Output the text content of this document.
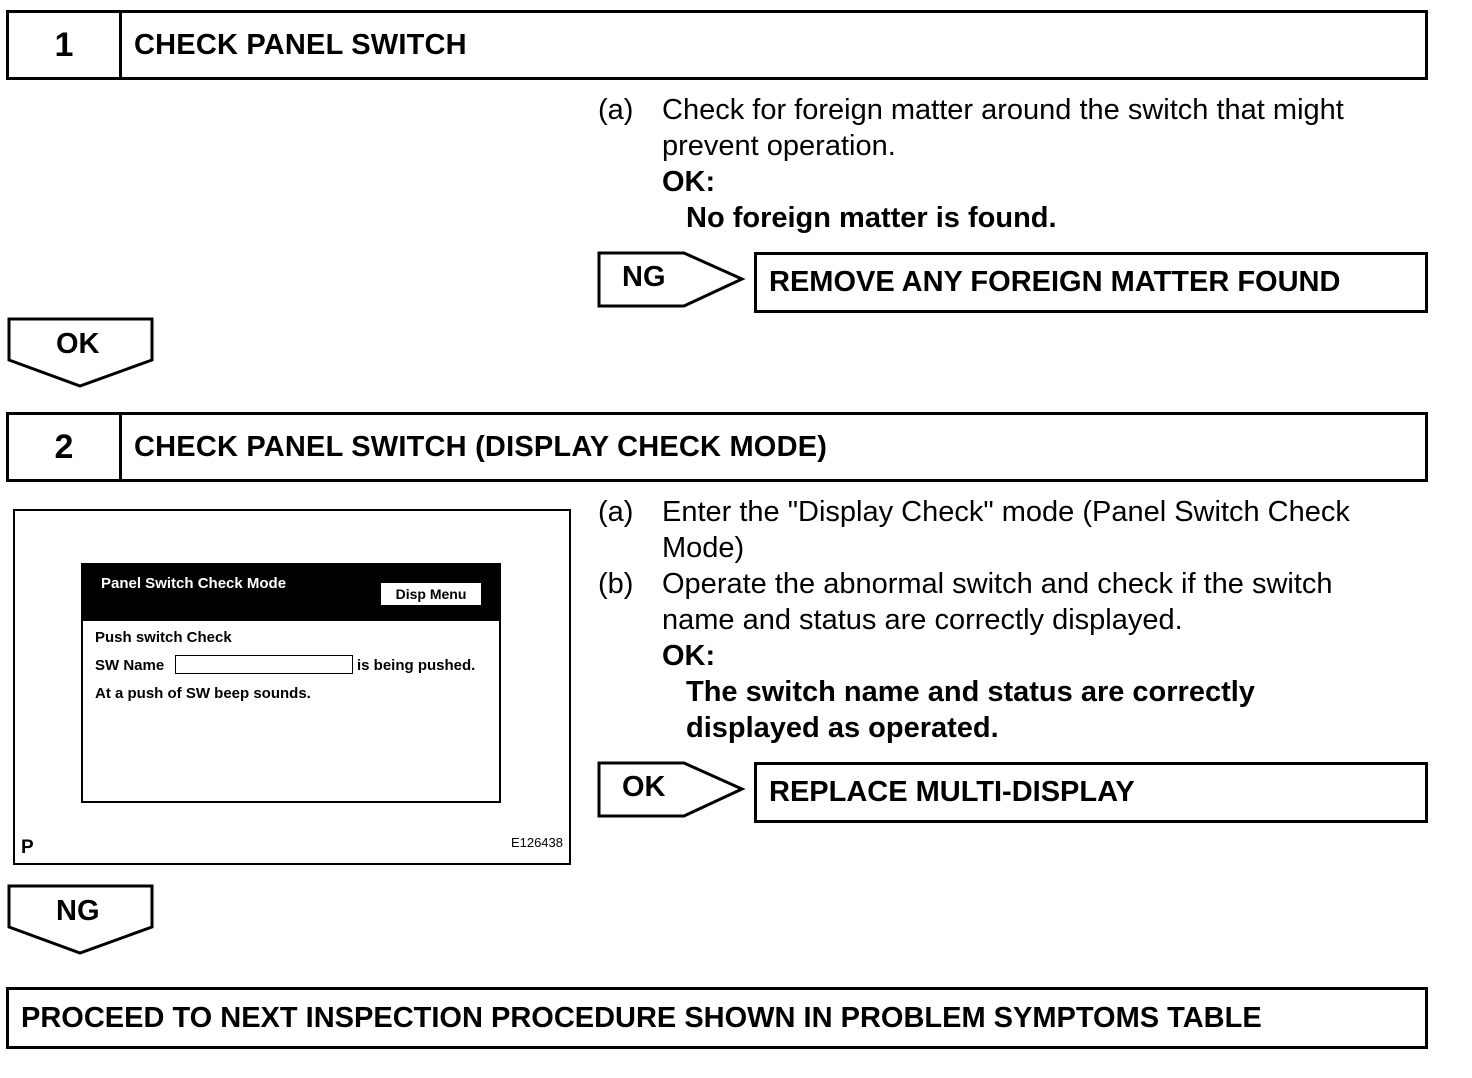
1	CHECK PANEL SWITCH
(a) Check for foreign matter around the switch that might
prevent operation.
OK:
No foreign matter is found.
NG	REMOVE ANY FOREIGN MATTER FOUND
OK
2	CHECK PANEL SWITCH (DISPLAY CHECK MODE)
Panel Switch Check Mode
Disp Menu
Push switch Check
SW Name	is being pushed.
At a push of SW beep sounds.
P	E126438
(a) Enter the "Display Check" mode (Panel Switch Check
Mode)
(b) Operate the abnormal switch and check if the switch
name and status are correctly displayed.
OK:
The switch name and status are correctly
displayed as operated.
OK	REPLACE MULTI-DISPLAY
NG
PROCEED TO NEXT INSPECTION PROCEDURE SHOWN IN PROBLEM SYMPTOMS TABLE
